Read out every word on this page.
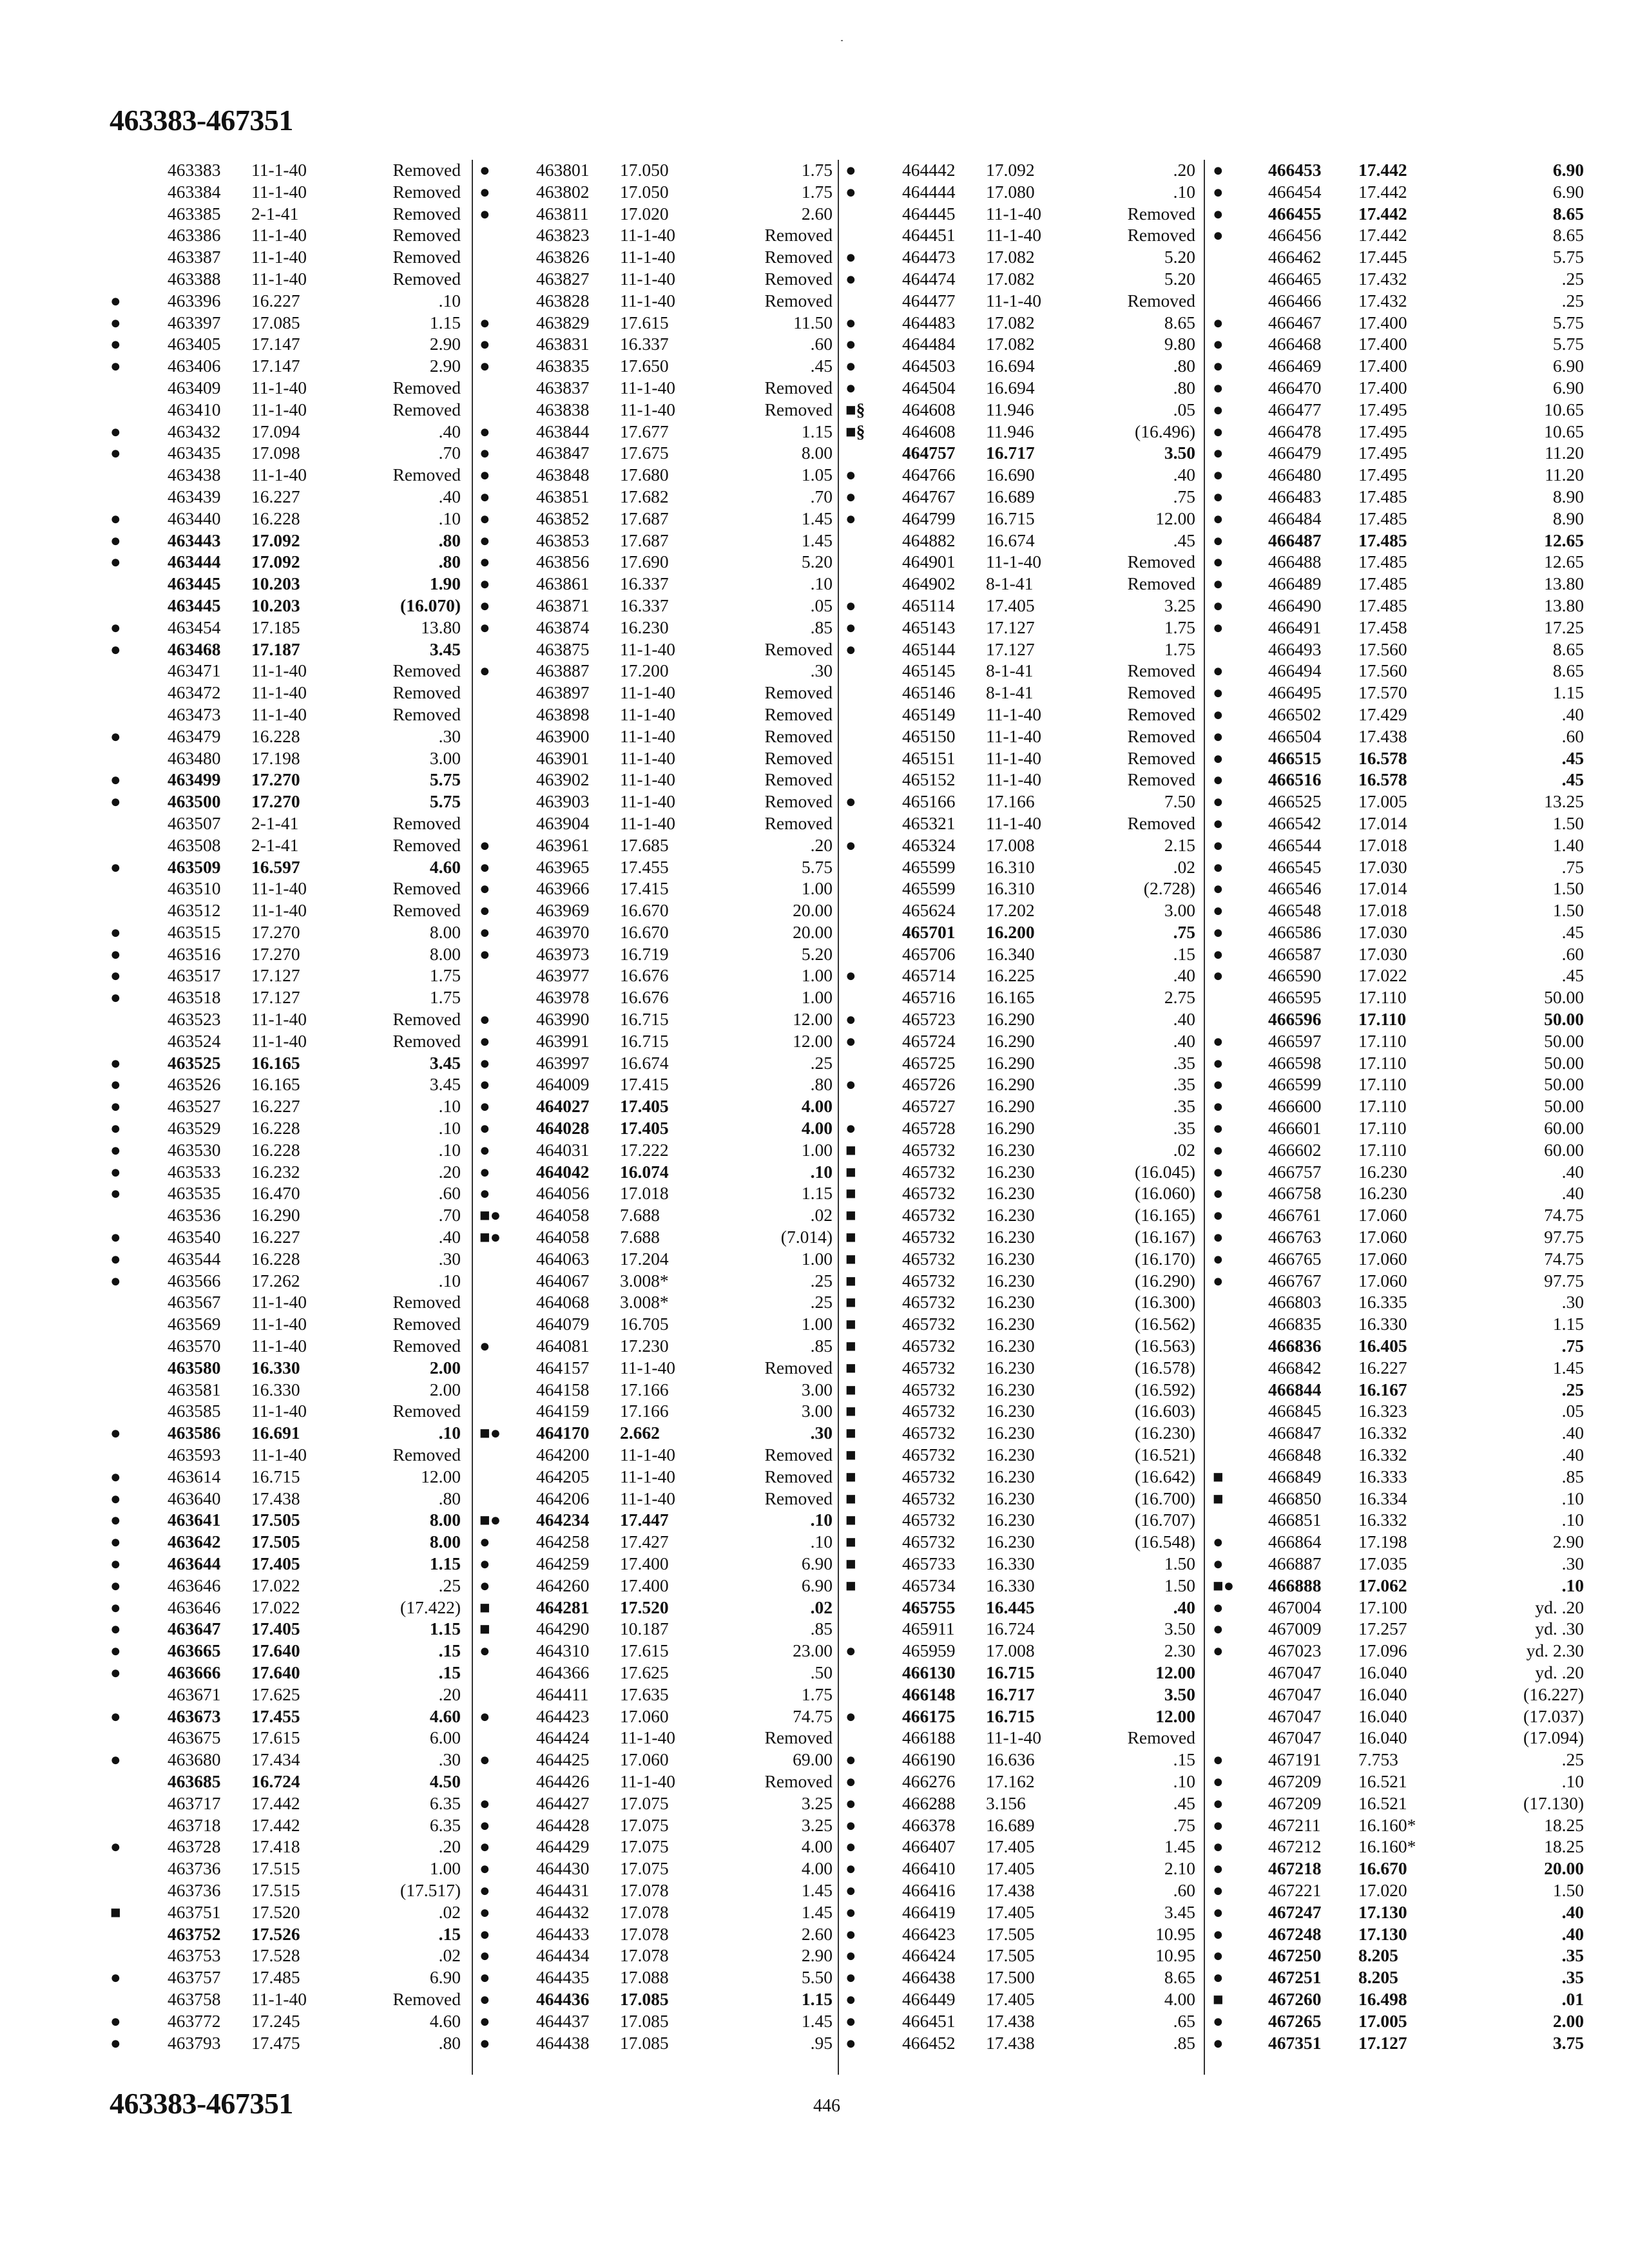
463383-467351
463383 11-1-40	Removed
463384 11-1-40	Removed
463385 2-1-41	Removed
463386 11-1-40	Removed
463387 11-1-40	Removed
463388 11-1-40	Removed
●	463396 16.227	.10
●	463397 17.085	1.15
●	463405 17.147	2.90
●	463406 17.147	2.90
463409 11-1-40	Removed
463410 11-1-40	Removed
●	463432 17.094	.40
●	463435 17.098	.70
463438 11-1-40	Removed
463439 16.227	.40
●	463440 16.228	.10
●	463443 17.092	.80
●	463444 17.092	.80
463445 10.203	1.90
463445 10.203	(16.070)
●	463454 17.185	13.80
●	463468 17.187	3.45
463471 11-1-40	Removed
463472 11-1-40	Removed
463473 11-1-40	Removed
●	463479 16.228	.30
463480 17.198	3.00
●	463499 17.270	5.75
●	463500 17.270	5.75
463507 2-1-41	Removed
463508 2-1-41	Removed
●	463509 16.597	4.60
463510 11-1-40	Removed
463512 11-1-40	Removed
●	463515 17.270	8.00
●	463516 17.270	8.00
●	463517 17.127	1.75
●	463518 17.127	1.75
463523 11-1-40	Removed
463524 11-1-40	Removed
●	463525 16.165	3.45
●	463526 16.165	3.45
●	463527 16.227	.10
●	463529 16.228	.10
●	463530 16.228	.10
●	463533 16.232	.20
●	463535 16.470	.60
463536 16.290	.70
●	463540 16.227	.40
●	463544 16.228	.30
●	463566 17.262	.10
463567 11-1-40	Removed
463569 11-1-40	Removed
463570 11-1-40	Removed
463580 16.330	2.00
463581 16.330	2.00
463585 11-1-40	Removed
●	463586 16.691	.10
463593 11-1-40	Removed
●	463614 16.715	12.00
●	463640 17.438	.80
●	463641 17.505	8.00
●	463642 17.505	8.00
●	463644 17.405	1.15
●	463646 17.022	.25
●	463646 17.022	(17.422)
●	463647 17.405	1.15
●	463665 17.640	.15
●	463666 17.640	.15
463671 17.625	.20
●	463673 17.455	4.60
463675 17.615	6.00
●	463680 17.434	.30
463685 16.724	4.50
463717 17.442	6.35
463718 17.442	6.35
●	463728 17.418	.20
463736 17.515	1.00
463736 17.515	(17.517)
■	463751 17.520	.02
463752 17.526	.15
463753 17.528	.02
●	463757 17.485	6.90
463758 11-1-40	Removed
●	463772 17.245	4.60
●	463793 17.475	.80
●	463801 17.050	1.75
●	463802 17.050	1.75
●	463811 17.020	2.60
463823 11-1-40	Removed
463826 11-1-40	Removed
463827 11-1-40	Removed
463828 11-1-40	Removed
●	463829 17.615	11.50
●	463831 16.337	.60
●	463835 17.650	.45
463837 11-1-40	Removed
463838 11-1-40	Removed
●	463844 17.677	1.15
●	463847 17.675	8.00
●	463848 17.680	1.05
●	463851 17.682	.70
●	463852 17.687	1.45
●	463853 17.687	1.45
●	463856 17.690	5.20
●	463861 16.337	.10
●	463871 16.337	.05
●	463874 16.230	.85
463875 11-1-40	Removed
●	463887 17.200	.30
463897 11-1-40	Removed
463898 11-1-40	Removed
463900 11-1-40	Removed
463901 11-1-40	Removed
463902 11-1-40	Removed
463903 11-1-40	Removed
463904 11-1-40	Removed
●	463961 17.685	.20
●	463965 17.455	5.75
●	463966 17.415	1.00
●	463969 16.670	20.00
●	463970 16.670	20.00
●	463973 16.719	5.20
463977 16.676	1.00
463978 16.676	1.00
●	463990 16.715	12.00
●	463991 16.715	12.00
●	463997 16.674	.25
●	464009 17.415	.80
●	464027 17.405	4.00
●	464028 17.405	4.00
●	464031 17.222	1.00
●	464042 16.074	.10
●	464056 17.018	1.15
■● 464058 7.688	.02
■● 464058 7.688	(7.014)
464063 17.204	1.00
464067 3.008*	.25
464068 3.008*	.25
464079 16.705	1.00
●	464081 17.230	.85
464157 11-1-40	Removed
464158 17.166	3.00
464159 17.166	3.00
■● 464170 2.662	.30
464200 11-1-40	Removed
464205 11-1-40	Removed
464206 11-1-40	Removed
■● 464234 17.447	.10
●	464258 17.427	.10
●	464259 17.400	6.90
●	464260 17.400	6.90
■	464281 17.520	.02
■	464290 10.187	.85
●	464310 17.615	23.00
464366 17.625	.50
464411 17.635	1.75
●	464423 17.060	74.75
464424 11-1-40	Removed
●	464425 17.060	69.00
464426 11-1-40	Removed
●	464427 17.075	3.25
●	464428 17.075	3.25
●	464429 17.075	4.00
●	464430 17.075	4.00
●	464431 17.078	1.45
●	464432 17.078	1.45
●	464433 17.078	2.60
●	464434 17.078	2.90
●	464435 17.088	5.50
●	464436 17.085	1.15
●	464437 17.085	1.45
●	464438 17.085	.95
●	464442 17.092	.20
●	464444 17.080	.10
464445 11-1-40	Removed
464451 11-1-40	Removed
●	464473 17.082	5.20
●	464474 17.082	5.20
464477 11-1-40	Removed
●	464483 17.082	8.65
●	464484 17.082	9.80
●	464503 16.694	.80
●	464504 16.694	.80
■§ 464608 11.946	.05
■§ 464608 11.946	(16.496)
464757 16.717	3.50
●	464766 16.690	.40
●	464767 16.689	.75
●	464799 16.715	12.00
464882 16.674	.45
464901 11-1-40	Removed
464902 8-1-41	Removed
●	465114 17.405	3.25
●	465143 17.127	1.75
●	465144 17.127	1.75
465145 8-1-41	Removed
465146 8-1-41	Removed
465149 11-1-40	Removed
465150 11-1-40	Removed
465151 11-1-40	Removed
465152 11-1-40	Removed
●	465166 17.166	7.50
465321 11-1-40	Removed
●	465324 17.008	2.15
465599 16.310	.02
465599 16.310	(2.728)
465624 17.202	3.00
465701 16.200	.75
465706 16.340	.15
●	465714 16.225	.40
465716 16.165	2.75
●	465723 16.290	.40
●	465724 16.290	.40
465725 16.290	.35
●	465726 16.290	.35
465727 16.290	.35
●	465728 16.290	.35
■	465732 16.230	.02
■	465732 16.230	(16.045)
■	465732 16.230	(16.060)
■	465732 16.230	(16.165)
■	465732 16.230	(16.167)
■	465732 16.230	(16.170)
■	465732 16.230	(16.290)
■	465732 16.230	(16.300)
■	465732 16.230	(16.562)
■	465732 16.230	(16.563)
■	465732 16.230	(16.578)
■	465732 16.230	(16.592)
■	465732 16.230	(16.603)
■	465732 16.230	(16.230)
■	465732 16.230	(16.521)
■	465732 16.230	(16.642)
■	465732 16.230	(16.700)
■	465732 16.230	(16.707)
■	465732 16.230	(16.548)
■	465733 16.330	1.50
■	465734 16.330	1.50
465755 16.445	.40
465911 16.724	3.50
●	465959 17.008	2.30
466130 16.715	12.00
466148 16.717	3.50
●	466175 16.715	12.00
466188 11-1-40	Removed
●	466190 16.636	.15
●	466276 17.162	.10
●	466288 3.156	.45
●	466378 16.689	.75
●	466407 17.405	1.45
●	466410 17.405	2.10
●	466416 17.438	.60
●	466419 17.405	3.45
●	466423 17.505	10.95
●	466424 17.505	10.95
●	466438 17.500	8.65
●	466449 17.405	4.00
●	466451 17.438	.65
●	466452 17.438	.85
●	466453 17.442	6.90
●	466454 17.442	6.90
●	466455 17.442	8.65
●	466456 17.442	8.65
466462 17.445	5.75
466465 17.432	.25
466466 17.432	.25
●	466467 17.400	5.75
●	466468 17.400	5.75
●	466469 17.400	6.90
●	466470 17.400	6.90
●	466477 17.495	10.65
●	466478 17.495	10.65
●	466479 17.495	11.20
●	466480 17.495	11.20
●	466483 17.485	8.90
●	466484 17.485	8.90
●	466487 17.485	12.65
●	466488 17.485	12.65
●	466489 17.485	13.80
●	466490 17.485	13.80
●	466491 17.458	17.25
466493 17.560	8.65
●	466494 17.560	8.65
●	466495 17.570	1.15
●	466502 17.429	.40
●	466504 17.438	.60
●	466515 16.578	.45
●	466516 16.578	.45
●	466525 17.005	13.25
●	466542 17.014	1.50
●	466544 17.018	1.40
●	466545 17.030	.75
●	466546 17.014	1.50
●	466548 17.018	1.50
●	466586 17.030	.45
●	466587 17.030	.60
●	466590 17.022	.45
466595 17.110	50.00
466596 17.110	50.00
●	466597 17.110	50.00
●	466598 17.110	50.00
●	466599 17.110	50.00
●	466600 17.110	50.00
●	466601 17.110	60.00
●	466602 17.110	60.00
●	466757 16.230	.40
●	466758 16.230	.40
●	466761 17.060	74.75
●	466763 17.060	97.75
●	466765 17.060	74.75
●	466767 17.060	97.75
466803 16.335	.30
466835 16.330	1.15
466836 16.405	.75
466842 16.227	1.45
466844 16.167	.25
466845 16.323	.05
466847 16.332	.40
466848 16.332	.40
■	466849 16.333	.85
■	466850 16.334	.10
466851 16.332	.10
●	466864 17.198	2.90
●	466887 17.035	.30
■● 466888 17.062	.10
●	467004 17.100	yd. .20
●	467009 17.257	yd. .30
●	467023 17.096	yd. 2.30
467047 16.040	yd. .20
467047 16.040	(16.227)
467047 16.040	(17.037)
467047 16.040	(17.094)
●	467191 7.753	.25
●	467209 16.521	.10
●	467209 16.521	(17.130)
●	467211 16.160*	18.25
●	467212 16.160*	18.25
●	467218 16.670	20.00
●	467221 17.020	1.50
●	467247 17.130	.40
●	467248 17.130	.40
●	467250 8.205	.35
●	467251 8.205	.35
■	467260 16.498	.01
●	467265 17.005	2.00
●	467351 17.127	3.75
463383-467351	446
